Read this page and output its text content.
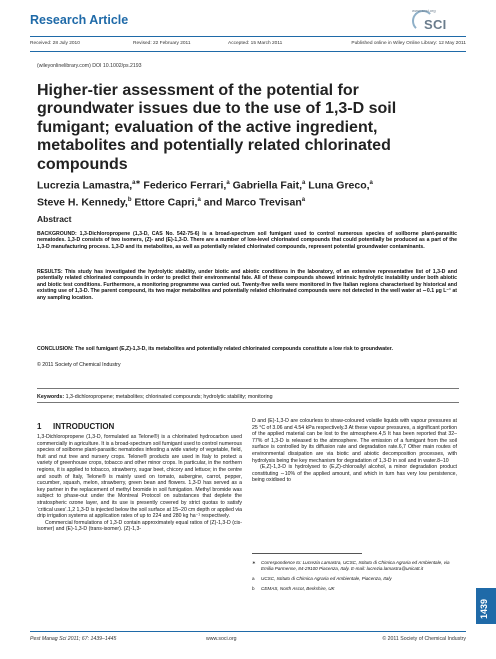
Research Article
www.soci.org
SCI
Received: 28 July 2010	Revised: 22 February 2011	Accepted: 15 March 2011	Published online in Wiley Online Library: 12 May 2011
(wileyonlinelibrary.com) DOI 10.1002/ps.2193
Higher-tier assessment of the potential for groundwater issues due to the use of 1,3-D soil fumigant; evaluation of the active ingredient, metabolites and potentially related chlorinated compounds
Lucrezia Lamastra,$^{a∗}$ Federico Ferrari,$^a$ Gabriella Fait,$^a$ Luna Greco,$^a$
Steve H. Kennedy,$^b$ Ettore Capri,$^a$ and Marco Trevisan$^a$
Abstract
BACKGROUND: 1,3-Dichloropropene (1,3-D, CAS No. 542-75-6) is a broad-spectrum soil fumigant used to control numerous species of soilborne plant-parasitic nematodes. 1,3-D consists of two isomers, (Z)- and (E)-1,3-D. There are a number of low-level chlorinated compounds that could potentially be produced as a part of the 1,3-D manufacturing process. 1,3-D and its metabolites, as well as potentially related chlorinated compounds, represent potential groundwater contaminants.
RESULTS: This study has investigated the hydrolytic stability, under biotic and abiotic conditions in the laboratory, of an extensive representative list of 1,3-D and potentially related chlorinated compounds in order to predict their environmental fate. All of these compounds showed intrinsic hydrolytic instability under both abiotic and biotic test conditions. Furthermore, a monitoring programme was carried out. Twenty-five wells were monitored in five Italian regions characterised by historical and existing use of 1,3-D. The parent compound, its two major metabolites and potentially related chlorinated compounds were not detected in the well water at ∼0.1 µg L⁻¹ at any sampling location.
CONCLUSION: The soil fumigant (E,Z)-1,3-D, its metabolites and potentially related chlorinated compounds constitute a low risk to groundwater.
© 2011 Society of Chemical Industry
Keywords: 1,3-dichloropropene; metabolites; chlorinated compounds; hydrolytic stability; monitoring
1 INTRODUCTION

1,3-Dichloropropene (1,3-D, formulated as Telone®) is a chlorinated hydrocarbon used commercially in agriculture. It is a broad-spectrum soil fumigant used to control numerous species of soilborne plant-parasitic nematodes infesting a wide variety of vegetable, field, fruit and nut tree and nursery crops. Telone® products are used in Italy to protect a variety of greenhouse crops, tobacco and other minor crops. In particular, in the northern regions, it is applied to tobacco, strawberry, sugar beet, chicory and lettuce; in the centre and south of Italy, Telone® is mainly used on tomato, aubergine, carrot, pepper, cucumber, squash, melon, strawberry, green bean and flowers. 1,3-D has served as a key partner in the replacement of methyl bromide in soil fumigation. Methyl bromide was subject to phase-out under the Montreal Protocol on substances that deplete the stratospheric ozone layer, and its use is presently covered by strict quotas to satisfy ‘critical uses’.1,2 1,3-D is injected below the soil surface at 15–20 cm depth or applied via drip irrigation systems at application rates of up to 224 and 280 kg ha⁻¹ respectively.

Commercial formulations of 1,3-D contain approximately equal ratios of (Z)-1,3-D (cis-isomer) and (E)-1,3-D (trans-isomer). (Z)-1,3-

D and (E)-1,3-D are colourless to straw-coloured volatile liquids with vapour pressures at 25 °C of 3.06 and 4.54 kPa respectively.3 At these vapour pressures, a significant portion of the applied material can be lost to the atmosphere.4,5 It has been reported that 32–77% of 1,3-D is released to the atmosphere. The emission of a fumigant from the soil surface is controlled by its diffusion rate and degradation rate.6,7 Other main routes of environmental dissipation are via biotic and abiotic decomposition processes, with hydrolysis being the key mechanism for degradation of 1,3-D in soil and in water.8–10

(E,Z)-1,3-D is hydrolysed to (E,Z)-chloroallyl alcohol, a minor degradation product constituting ∼10% of the applied amount, and which in turn has very low persistence, being oxidised to

∗ Correspondence to: Lucrezia Lamastra, UCSC, Istituto di Chimica Agraria ed Ambientale, via Emilia Parmense, 84-29100 Piacenza, Italy. E-mail: lucrezia.lamastra@unicatt.it
a UCSC, Istituto di Chimica Agraria ed Ambientale, Piacenza, Italy
b CEMAS, North Ascot, Berkshire, UK
1439
Pest Manag Sci 2011; 67: 1439–1445	www.soci.org	© 2011 Society of Chemical Industry
